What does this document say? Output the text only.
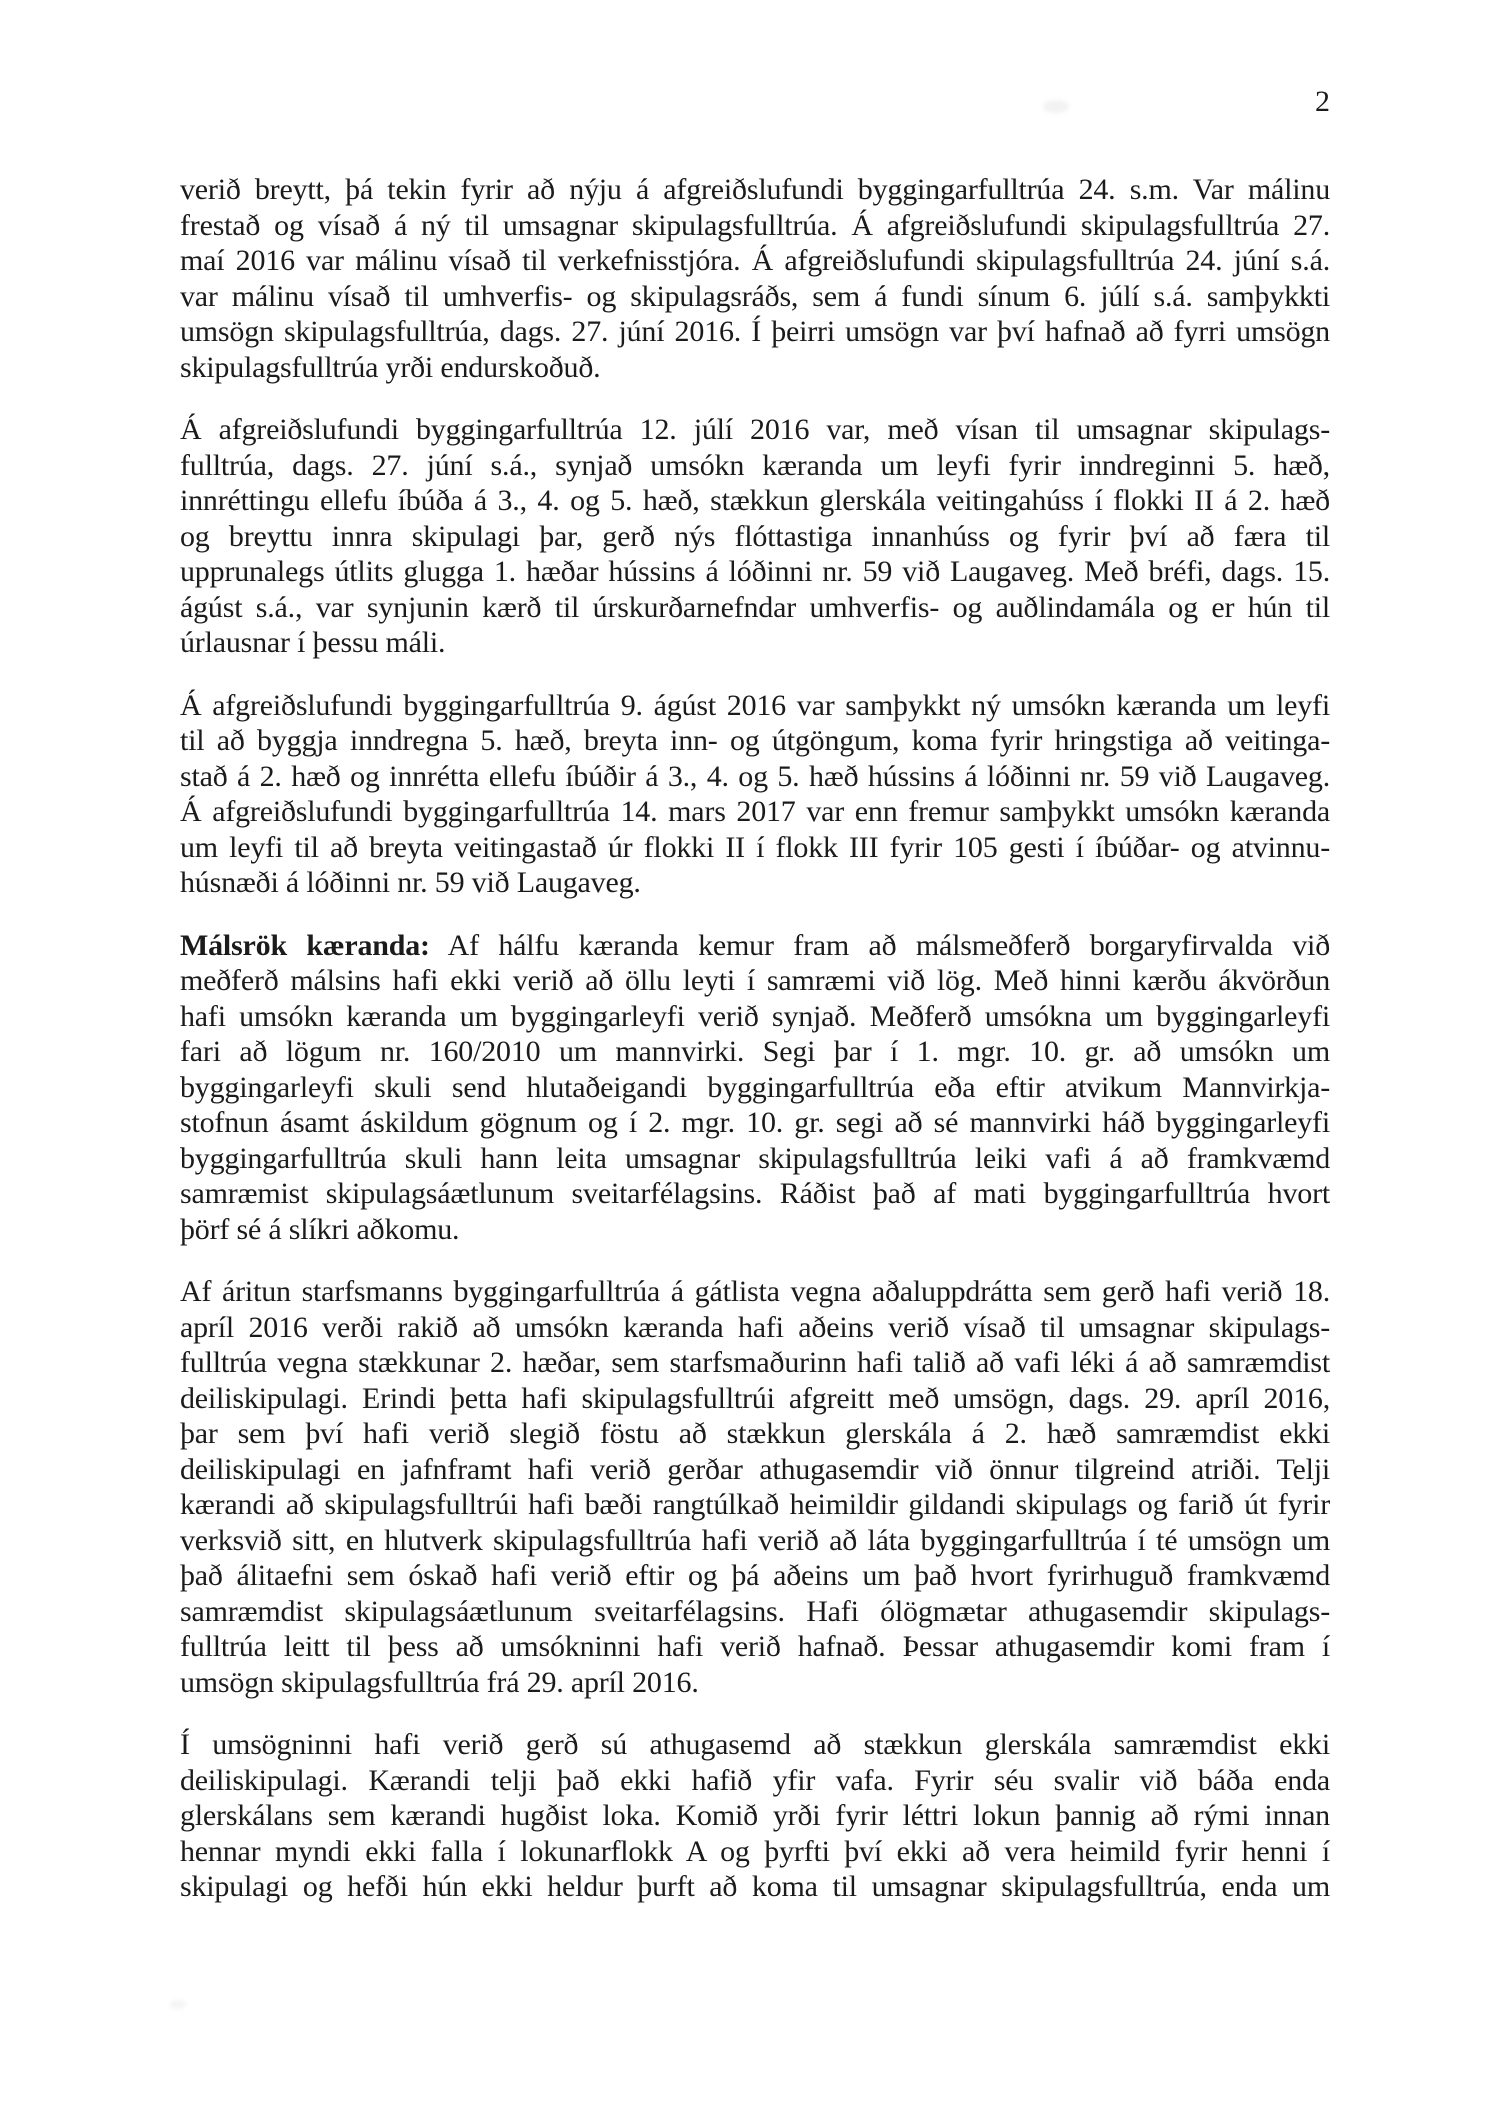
2
verið breytt, þá tekin fyrir að nýju á afgreiðslufundi byggingarfulltrúa 24. s.m. Var málinu
frestað og vísað á ný til umsagnar skipulagsfulltrúa. Á afgreiðslufundi skipulagsfulltrúa 27.
maí 2016 var málinu vísað til verkefnisstjóra. Á afgreiðslufundi skipulagsfulltrúa 24. júní s.á.
var málinu vísað til umhverfis- og skipulagsráðs, sem á fundi sínum 6. júlí s.á. samþykkti
umsögn skipulagsfulltrúa, dags. 27. júní 2016. Í þeirri umsögn var því hafnað að fyrri umsögn
skipulagsfulltrúa yrði endurskoðuð.
Á afgreiðslufundi byggingarfulltrúa 12. júlí 2016 var, með vísan til umsagnar skipulags-
fulltrúa, dags. 27. júní s.á., synjað umsókn kæranda um leyfi fyrir inndreginni 5. hæð,
innréttingu ellefu íbúða á 3., 4. og 5. hæð, stækkun glerskála veitingahúss í flokki II á 2. hæð
og breyttu innra skipulagi þar, gerð nýs flóttastiga innanhúss og fyrir því að færa til
upprunalegs útlits glugga 1. hæðar hússins á lóðinni nr. 59 við Laugaveg. Með bréfi, dags. 15.
ágúst s.á., var synjunin kærð til úrskurðarnefndar umhverfis- og auðlindamála og er hún til
úrlausnar í þessu máli.
Á afgreiðslufundi byggingarfulltrúa 9. ágúst 2016 var samþykkt ný umsókn kæranda um leyfi
til að byggja inndregna 5. hæð, breyta inn- og útgöngum, koma fyrir hringstiga að veitinga-
stað á 2. hæð og innrétta ellefu íbúðir á 3., 4. og 5. hæð hússins á lóðinni nr. 59 við Laugaveg.
Á afgreiðslufundi byggingarfulltrúa 14. mars 2017 var enn fremur samþykkt umsókn kæranda
um leyfi til að breyta veitingastað úr flokki II í flokk III fyrir 105 gesti í íbúðar- og atvinnu-
húsnæði á lóðinni nr. 59 við Laugaveg.
Málsrök kæranda: Af hálfu kæranda kemur fram að málsmeðferð borgaryfirvalda við
meðferð málsins hafi ekki verið að öllu leyti í samræmi við lög. Með hinni kærðu ákvörðun
hafi umsókn kæranda um byggingarleyfi verið synjað. Meðferð umsókna um byggingarleyfi
fari að lögum nr. 160/2010 um mannvirki. Segi þar í 1. mgr. 10. gr. að umsókn um
byggingarleyfi skuli send hlutaðeigandi byggingarfulltrúa eða eftir atvikum Mannvirkja-
stofnun ásamt áskildum gögnum og í 2. mgr. 10. gr. segi að sé mannvirki háð byggingarleyfi
byggingarfulltrúa skuli hann leita umsagnar skipulagsfulltrúa leiki vafi á að framkvæmd
samræmist skipulagsáætlunum sveitarfélagsins. Ráðist það af mati byggingarfulltrúa hvort
þörf sé á slíkri aðkomu.
Af áritun starfsmanns byggingarfulltrúa á gátlista vegna aðaluppdrátta sem gerð hafi verið 18.
apríl 2016 verði rakið að umsókn kæranda hafi aðeins verið vísað til umsagnar skipulags-
fulltrúa vegna stækkunar 2. hæðar, sem starfsmaðurinn hafi talið að vafi léki á að samræmdist
deiliskipulagi. Erindi þetta hafi skipulagsfulltrúi afgreitt með umsögn, dags. 29. apríl 2016,
þar sem því hafi verið slegið föstu að stækkun glerskála á 2. hæð samræmdist ekki
deiliskipulagi en jafnframt hafi verið gerðar athugasemdir við önnur tilgreind atriði. Telji
kærandi að skipulagsfulltrúi hafi bæði rangtúlkað heimildir gildandi skipulags og farið út fyrir
verksvið sitt, en hlutverk skipulagsfulltrúa hafi verið að láta byggingarfulltrúa í té umsögn um
það álitaefni sem óskað hafi verið eftir og þá aðeins um það hvort fyrirhuguð framkvæmd
samræmdist skipulagsáætlunum sveitarfélagsins. Hafi ólögmætar athugasemdir skipulags-
fulltrúa leitt til þess að umsókninni hafi verið hafnað. Þessar athugasemdir komi fram í
umsögn skipulagsfulltrúa frá 29. apríl 2016.
Í umsögninni hafi verið gerð sú athugasemd að stækkun glerskála samræmdist ekki
deiliskipulagi. Kærandi telji það ekki hafið yfir vafa. Fyrir séu svalir við báða enda
glerskálans sem kærandi hugðist loka. Komið yrði fyrir léttri lokun þannig að rými innan
hennar myndi ekki falla í lokunarflokk A og þyrfti því ekki að vera heimild fyrir henni í
skipulagi og hefði hún ekki heldur þurft að koma til umsagnar skipulagsfulltrúa, enda um
